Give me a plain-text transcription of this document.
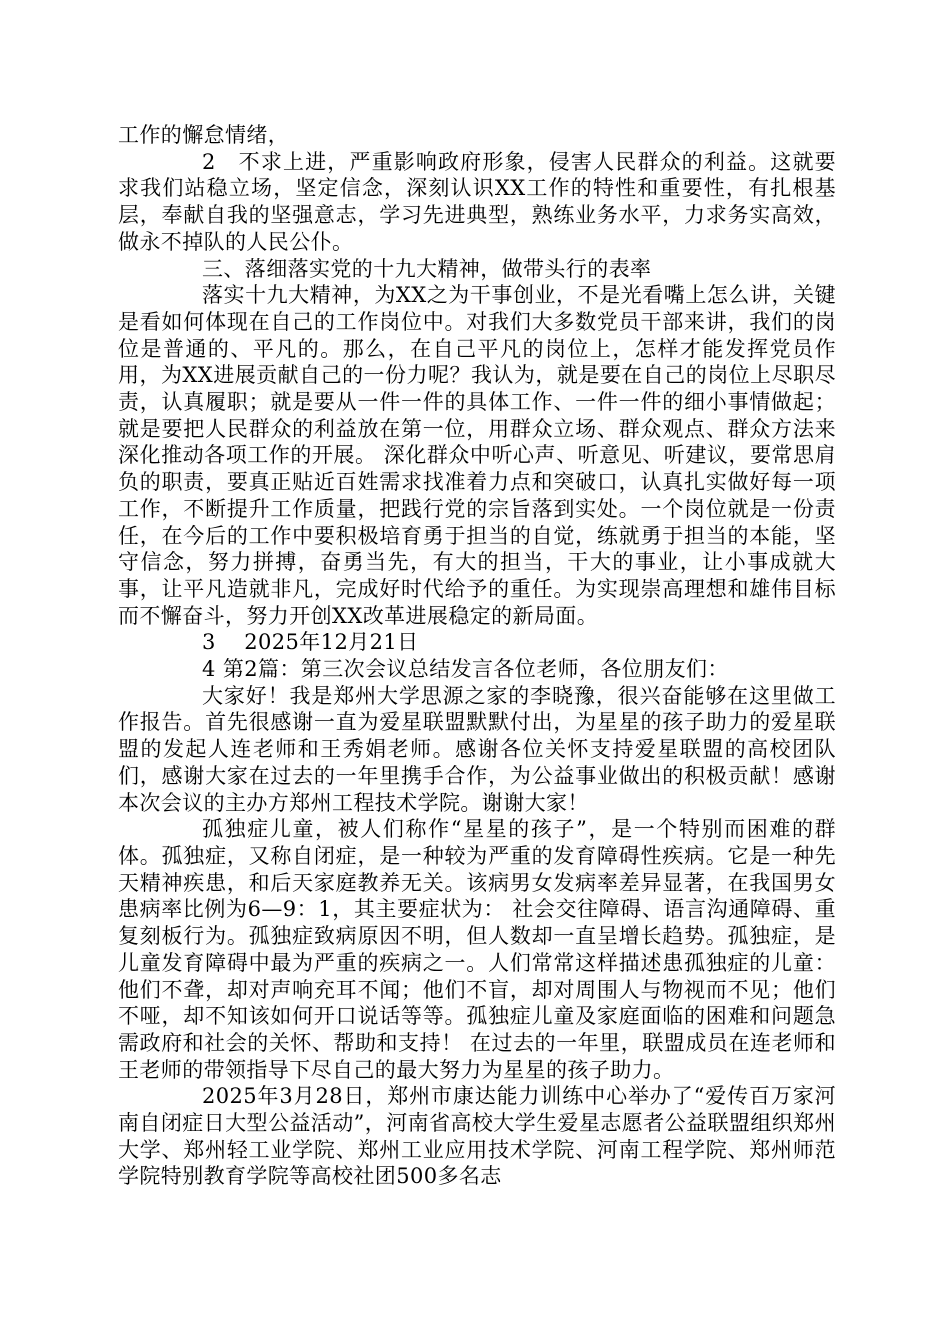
工作的懈怠情绪，

2　不求上进，严重影响政府形象，侵害人民群众的利益。这就要求我们站稳立场，坚定信念，深刻认识XX工作的特性和重要性，有扎根基层，奉献自我的坚强意志，学习先进典型，熟练业务水平，力求务实高效，做永不掉队的人民公仆。

三、落细落实党的十九大精神，做带头行的表率

落实十九大精神，为XX之为干事创业，不是光看嘴上怎么讲，关键是看如何体现在自己的工作岗位中。对我们大多数党员干部来讲，我们的岗位是普通的、平凡的。那么，在自己平凡的岗位上，怎样才能发挥党员作用，为XX进展贡献自己的一份力呢？我认为，就是要在自己的岗位上尽职尽责，认真履职；就是要从一件一件的具体工作、一件一件的细小事情做起；就是要把人民群众的利益放在第一位，用群众立场、群众观点、群众方法来深化推动各项工作的开展。 深化群众中听心声、听意见、听建议，要常思肩负的职责，要真正贴近百姓需求找准着力点和突破口，认真扎实做好每一项工作，不断提升工作质量，把践行党的宗旨落到实处。一个岗位就是一份责任，在今后的工作中要积极培育勇于担当的自觉，练就勇于担当的本能，坚守信念，努力拼搏，奋勇当先，有大的担当，干大的事业，让小事成就大事，让平凡造就非凡，完成好时代给予的重任。为实现崇高理想和雄伟目标而不懈奋斗，努力开创XX改革进展稳定的新局面。

3　 2025年12月21日

4 第2篇：第三次会议总结发言各位老师，各位朋友们：

大家好！我是郑州大学思源之家的李晓豫，很兴奋能够在这里做工作报告。首先很感谢一直为爱星联盟默默付出，为星星的孩子助力的爱星联盟的发起人连老师和王秀娟老师。感谢各位关怀支持爱星联盟的高校团队们，感谢大家在过去的一年里携手合作，为公益事业做出的积极贡献！感谢本次会议的主办方郑州工程技术学院。谢谢大家！

孤独症儿童，被人们称作“星星的孩子”，是一个特别而困难的群体。孤独症，又称自闭症，是一种较为严重的发育障碍性疾病。它是一种先天精神疾患，和后天家庭教养无关。该病男女发病率差异显著，在我国男女患病率比例为6—9：1，其主要症状为： 社会交往障碍、语言沟通障碍、重复刻板行为。孤独症致病原因不明，但人数却一直呈增长趋势。孤独症，是儿童发育障碍中最为严重的疾病之一。人们常常这样描述患孤独症的儿童：他们不聋，却对声响充耳不闻；他们不盲，却对周围人与物视而不见；他们不哑，却不知该如何开口说话等等。孤独症儿童及家庭面临的困难和问题急需政府和社会的关怀、帮助和支持！ 在过去的一年里，联盟成员在连老师和王老师的带领指导下尽自己的最大努力为星星的孩子助力。

2025年3月28日，郑州市康达能力训练中心举办了“爱传百万家河南自闭症日大型公益活动”，河南省高校大学生爱星志愿者公益联盟组织郑州大学、郑州轻工业学院、郑州工业应用技术学院、河南工程学院、郑州师范学院特别教育学院等高校社团500多名志
